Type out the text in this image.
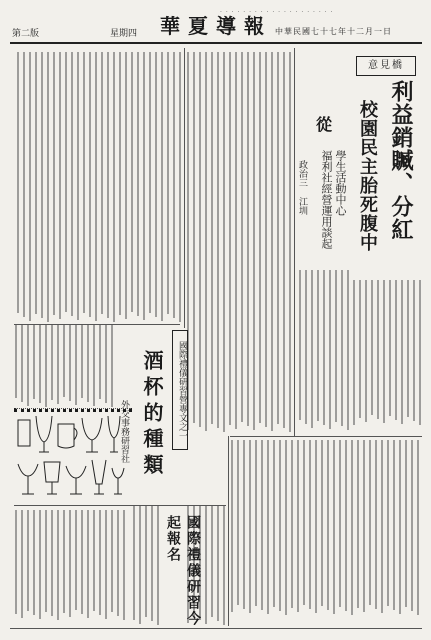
第二版	星期四 華夏導報
· · · · · · · · · · · · · · · · · · · ·
中華民國七十七年十二月一日
意見橋
利益銷贓、分紅
校園民主胎死腹中
從
學生活動中心
福利社經營運用談起
政治三 江圳
國際禮儀研習營專文之一
酒杯的種類
外交事務研習社
國際禮儀研習今起報名
